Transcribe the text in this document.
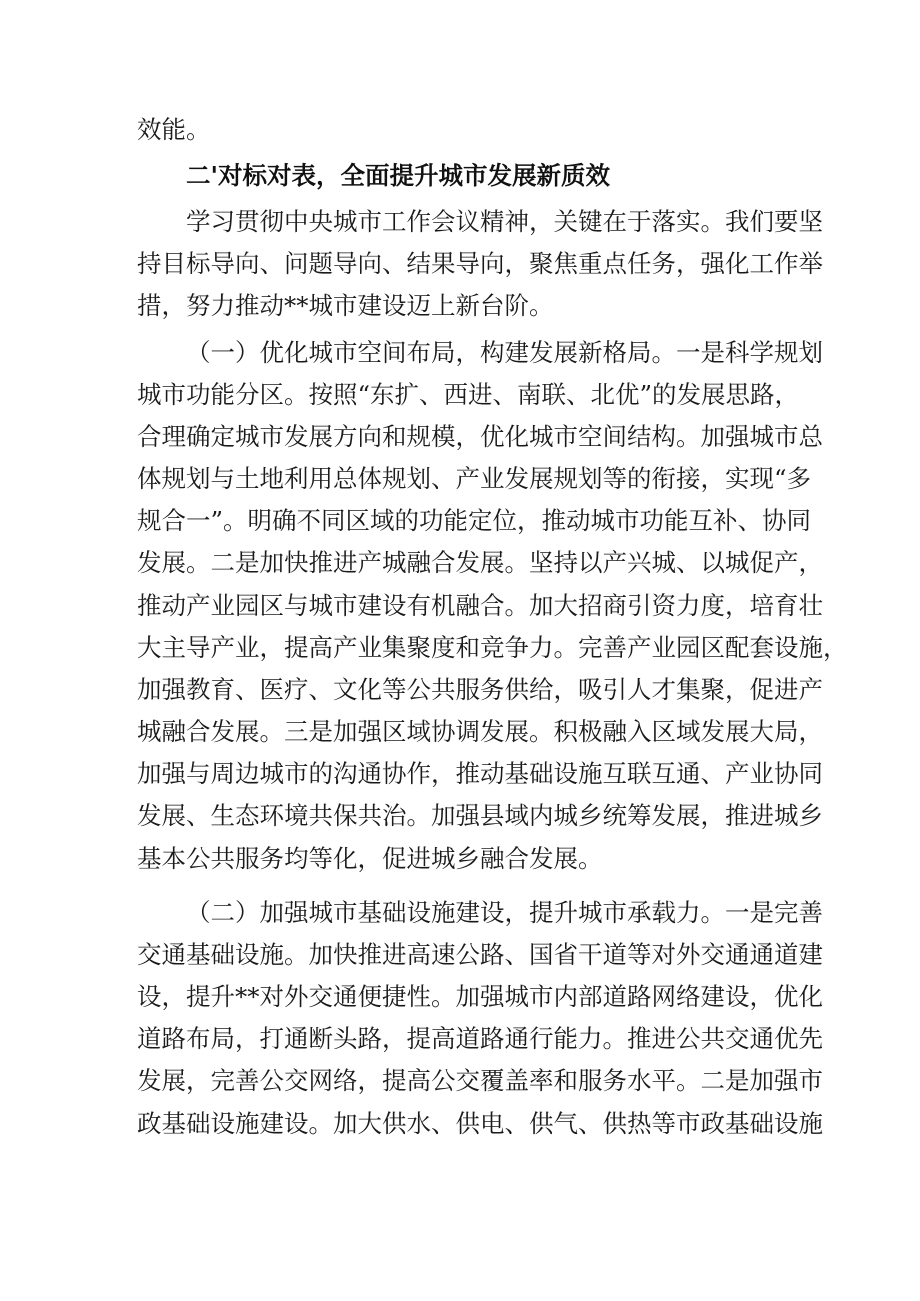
效能。
二'对标对表，全面提升城市发展新质效
学习贯彻中央城市工作会议精神，关键在于落实。我们要坚
持目标导向、问题导向、结果导向，聚焦重点任务，强化工作举
措，努力推动**城市建设迈上新台阶。
（一）优化城市空间布局，构建发展新格局。一是科学规划
城市功能分区。按照“东扩、西进、南联、北优”的发展思路，
合理确定城市发展方向和规模，优化城市空间结构。加强城市总
体规划与土地利用总体规划、产业发展规划等的衔接，实现“多
规合一”。明确不同区域的功能定位，推动城市功能互补、协同
发展。二是加快推进产城融合发展。坚持以产兴城、以城促产，
推动产业园区与城市建设有机融合。加大招商引资力度，培育壮
大主导产业，提高产业集聚度和竞争力。完善产业园区配套设施，
加强教育、医疗、文化等公共服务供给，吸引人才集聚，促进产
城融合发展。三是加强区域协调发展。积极融入区域发展大局，
加强与周边城市的沟通协作，推动基础设施互联互通、产业协同
发展、生态环境共保共治。加强县域内城乡统筹发展，推进城乡
基本公共服务均等化，促进城乡融合发展。
（二）加强城市基础设施建设，提升城市承载力。一是完善
交通基础设施。加快推进高速公路、国省干道等对外交通通道建
设，提升**对外交通便捷性。加强城市内部道路网络建设，优化
道路布局，打通断头路，提高道路通行能力。推进公共交通优先
发展，完善公交网络，提高公交覆盖率和服务水平。二是加强市
政基础设施建设。加大供水、供电、供气、供热等市政基础设施
